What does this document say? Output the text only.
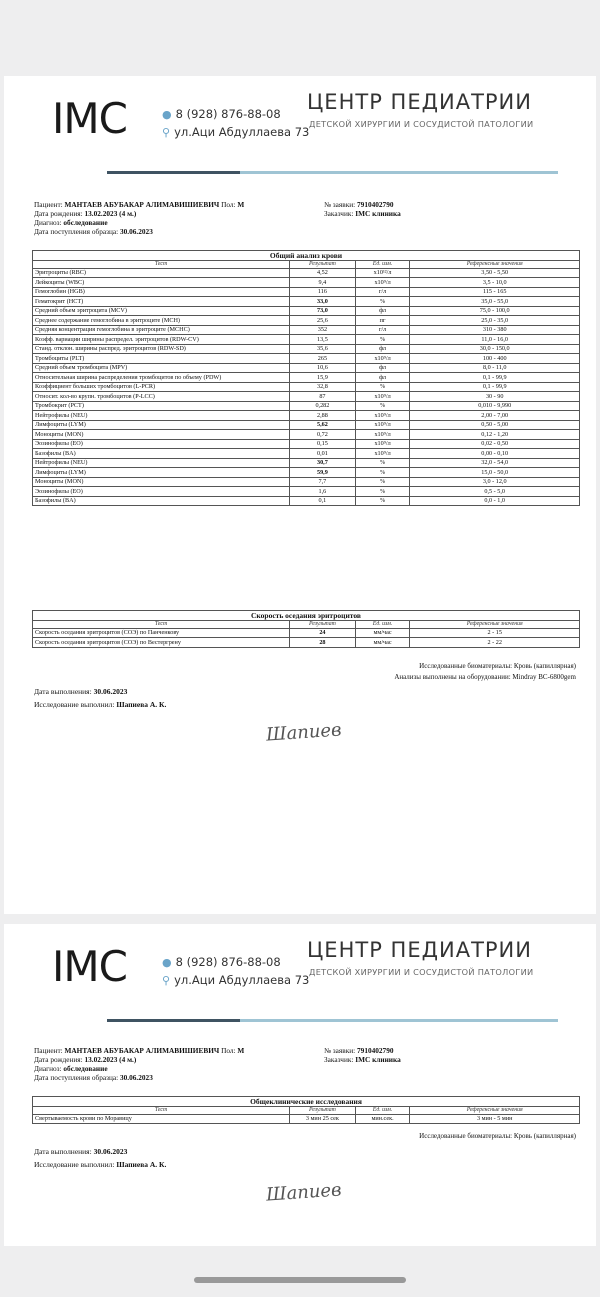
IMC	● 8 (928) 876-88-08
⚲ ул.Аци Абдуллаева 73
ЦЕНТР ПЕДИАТРИИ
ДЕТСКОЙ ХИРУРГИИ И СОСУДИСТОЙ ПАТОЛОГИИ
Пациент: МАНТАЕВ АБУБАКАР АЛИМАВИШИЕВИЧ Пол: М
Дата рождения: 13.02.2023 (4 м.)
Диагноз: обследование
Дата поступления образца: 30.06.2023
№ заявки: 7910402790
Заказчик: IMC клиника
Общий анализ крови			
Тест	Результат	Ед. изм.	Референсные значения
Эритроциты (RBC)	4,52	x10¹²/л	3,50 - 5,50
Лейкоциты (WBC)	9,4	x10⁹/л	3,5 - 10,0
Гемоглобин (HGB)	116	г/л	115 - 165
Гематокрит (HCT)	33,0	%	35,0 - 55,0
Средний объем эритроцита (MCV)	73,0	фл	75,0 - 100,0
Среднее содержание гемоглобина в эритроците (MCH)	25,6	пг	25,0 - 35,0
Средняя концентрация гемоглобина в эритроците (MCHC)	352	г/л	310 - 380
Коэфф. вариации ширины распредел. эритроцитов (RDW-CV)	13,5	%	11,0 - 16,0
Станд. отклон. ширины распред. эритроцитов (RDW-SD)	35,6	фл	30,0 - 150,0
Тромбоциты (PLT)	265	x10⁹/л	100 - 400
Средний объем тромбоцита (MPV)	10,6	фл	8,0 - 11,0
Относительная ширина распределения тромбоцитов по объему (PDW)	15,9	фл	0,1 - 99,9
Коэффициент больших тромбоцитов (L-PCR)	32,8	%	0,1 - 99,9
Относит. кол-во крупн. тромбоцитов (P-LCC)	87	x10⁹/л	30 - 90
Тромбокрит (PCT)	0,282	%	0,010 - 9,990
Нейтрофилы (NEU)	2,88	x10⁹/л	2,00 - 7,00
Лимфоциты (LYM)	5,62	x10⁹/л	0,50 - 5,00
Моноциты (MON)	0,72	x10⁹/л	0,12 - 1,20
Эозинофилы (EO)	0,15	x10⁹/л	0,02 - 0,50
Базофилы (BA)	0,01	x10⁹/л	0,00 - 0,10
Нейтрофилы (NEU)	30,7	%	32,0 - 54,0
Лимфоциты (LYM)	59,9	%	15,0 - 50,0
Моноциты (MON)	7,7	%	3,0 - 12,0
Эозинофилы (EO)	1,6	%	0,5 - 5,0
Базофилы (BA)	0,1	%	0,0 - 1,0
Скорость оседания эритроцитов			
Тест	Результат	Ед. изм.	Референсные значения
Скорость оседания эритроцитов (СОЭ) по Панченкову	24	мм/час	2 - 15
Скорость оседания эритроцитов (СОЭ) по Вестергрену	28	мм/час	2 - 22
Исследованные биоматериалы: Кровь (капиллярная)
Анализы выполнены на оборудовании: Mindray BC-6800gem
Дата выполнения: 30.06.2023
Исследование выполнил: Шапиева А. К.
Шапиев
IMC	● 8 (928) 876-88-08
⚲ ул.Аци Абдуллаева 73
ЦЕНТР ПЕДИАТРИИ
ДЕТСКОЙ ХИРУРГИИ И СОСУДИСТОЙ ПАТОЛОГИИ
Пациент: МАНТАЕВ АБУБАКАР АЛИМАВИШИЕВИЧ Пол: М
Дата рождения: 13.02.2023 (4 м.)
Диагноз: обследование
Дата поступления образца: 30.06.2023
№ заявки: 7910402790
Заказчик: IMC клиника
Общеклинические исследования			
Тест	Результат	Ед. изм.	Референсные значения
Свертываемость крови по Моравицу	3 мин 25 сек	мин.сек.	3 мин - 5 мин
Исследованные биоматериалы: Кровь (капиллярная)
Дата выполнения: 30.06.2023
Исследование выполнил: Шапиева А. К.
Шапиев
